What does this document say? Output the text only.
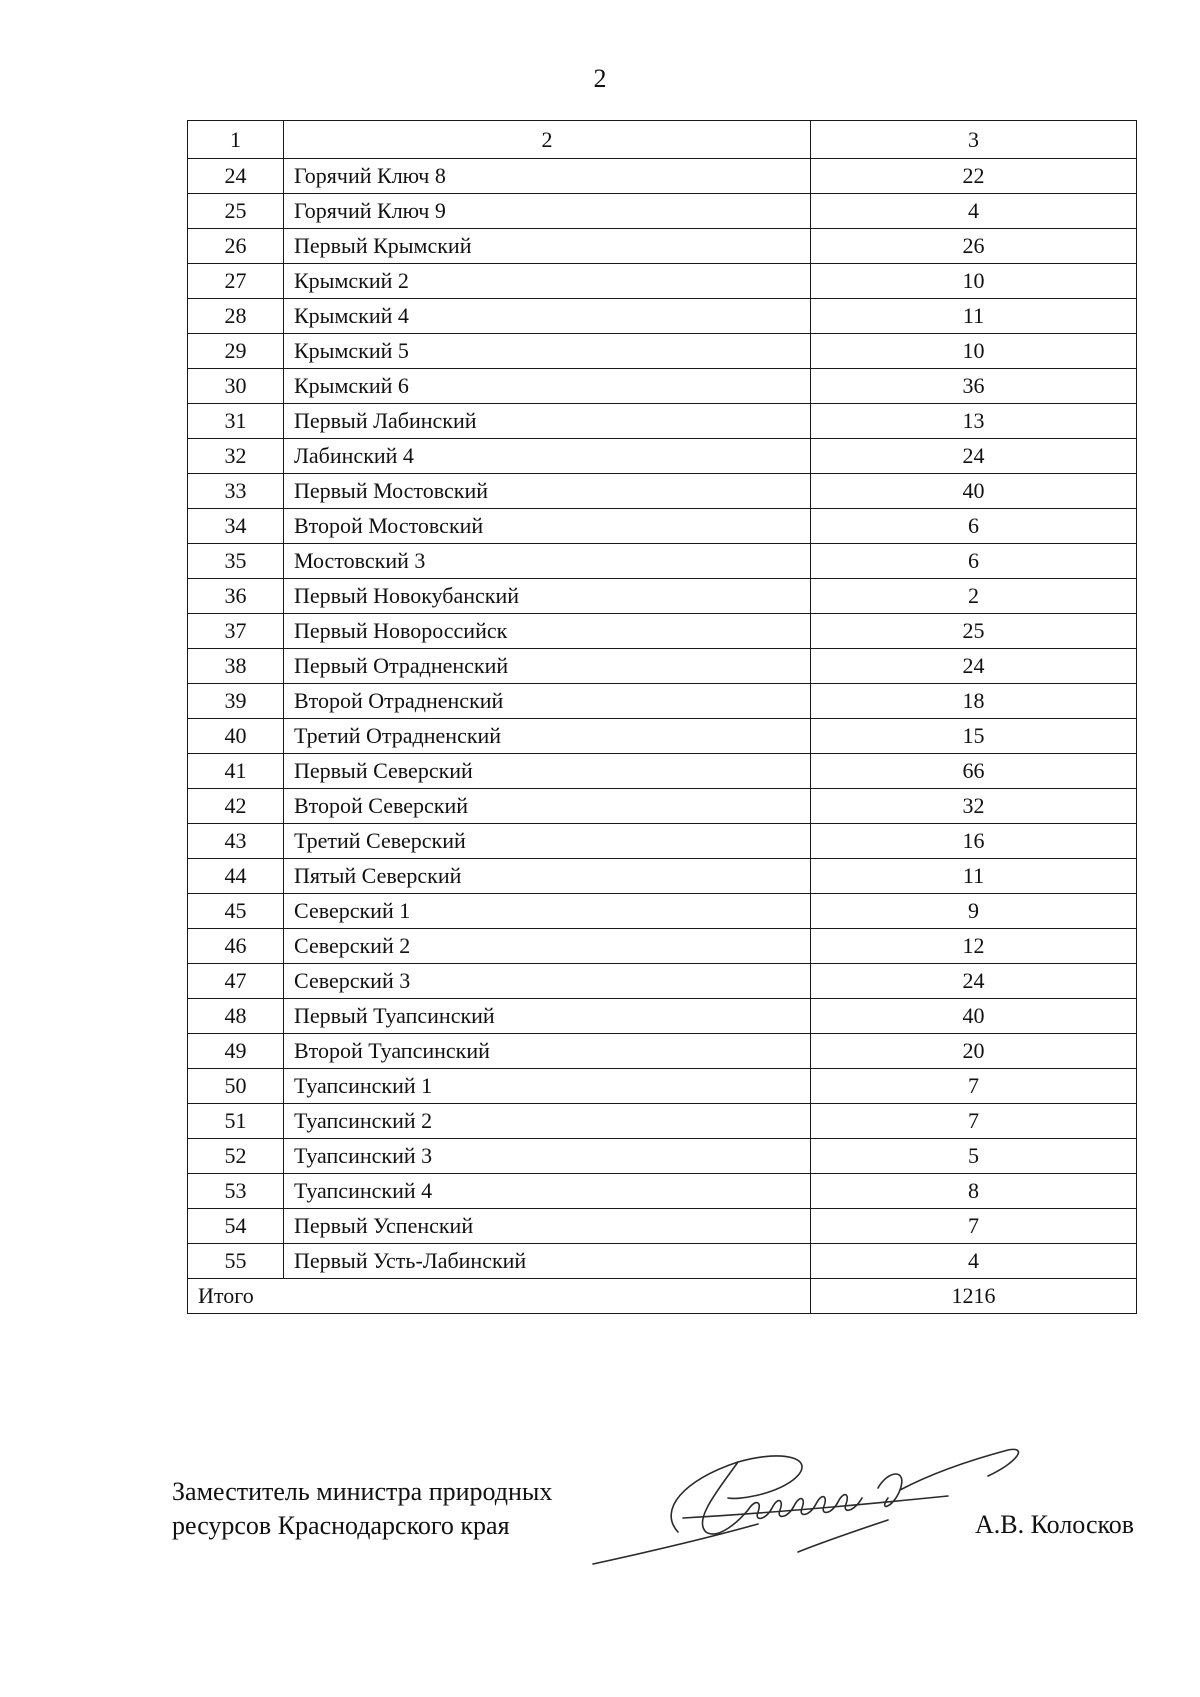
2
1	2	3
24	Горячий Ключ 8	22
25	Горячий Ключ 9	4
26	Первый Крымский	26
27	Крымский 2	10
28	Крымский 4	11
29	Крымский 5	10
30	Крымский 6	36
31	Первый Лабинский	13
32	Лабинский 4	24
33	Первый Мостовский	40
34	Второй Мостовский	6
35	Мостовский 3	6
36	Первый Новокубанский	2
37	Первый Новороссийск	25
38	Первый Отрадненский	24
39	Второй Отрадненский	18
40	Третий Отрадненский	15
41	Первый Северский	66
42	Второй Северский	32
43	Третий Северский	16
44	Пятый Северский	11
45	Северский 1	9
46	Северский 2	12
47	Северский 3	24
48	Первый Туапсинский	40
49	Второй Туапсинский	20
50	Туапсинский 1	7
51	Туапсинский 2	7
52	Туапсинский 3	5
53	Туапсинский 4	8
54	Первый Успенский	7
55	Первый Усть-Лабинский	4
Итого		1216
Заместитель министра природных
ресурсов Краснодарского края	А.В. Колосков
